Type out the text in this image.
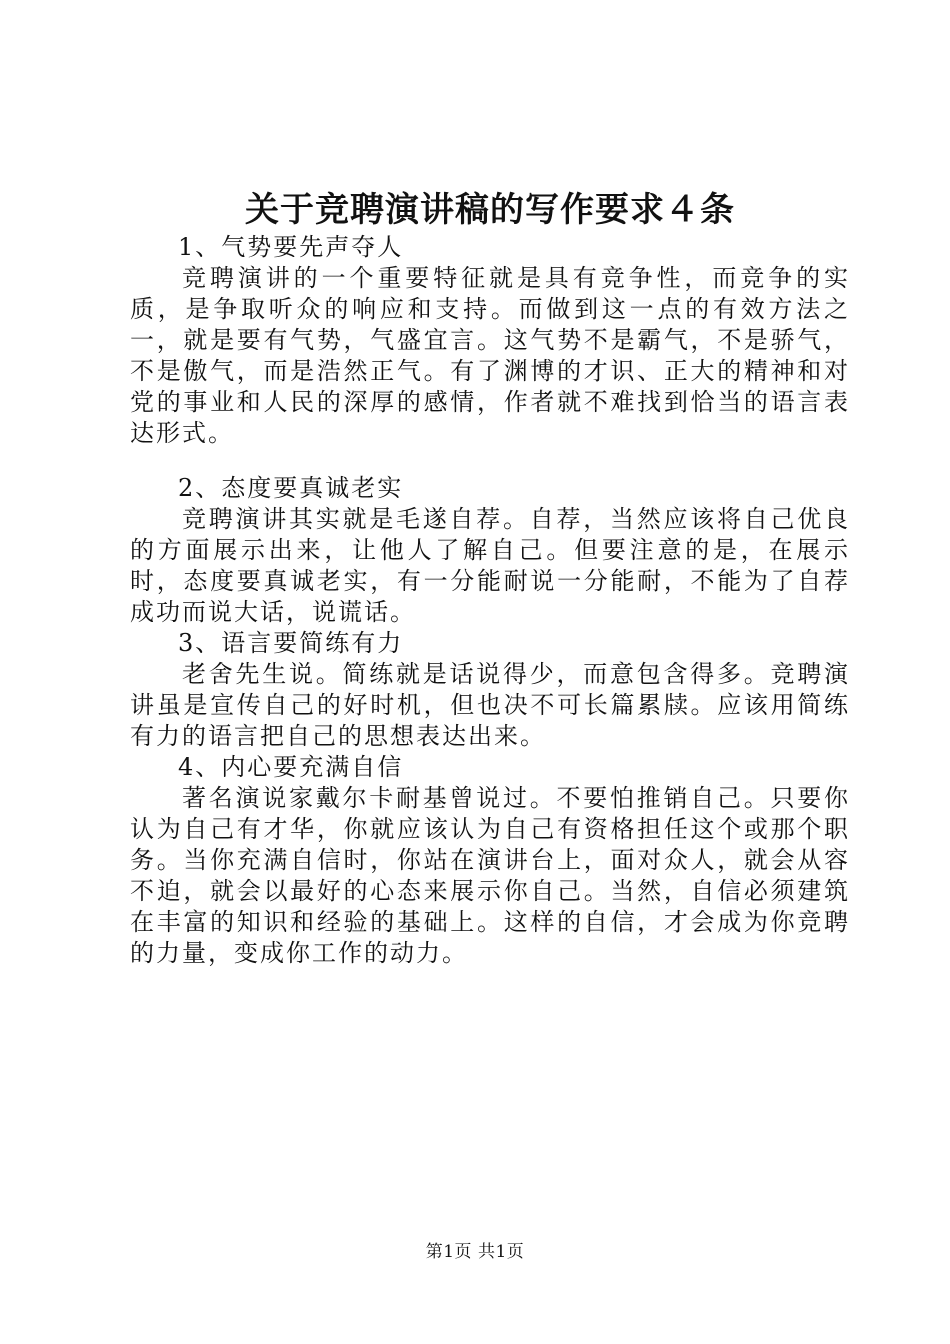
关于竞聘演讲稿的写作要求４条

1、气势要先声夺人

竞聘演讲的一个重要特征就是具有竞争性，而竞争的实质，是争取听众的响应和支持。而做到这一点的有效方法之一，就是要有气势，气盛宜言。这气势不是霸气，不是骄气，不是傲气，而是浩然正气。有了渊博的才识、正大的精神和对党的事业和人民的深厚的感情，作者就不难找到恰当的语言表达形式。

2、态度要真诚老实

竞聘演讲其实就是毛遂自荐。自荐，当然应该将自己优良的方面展示出来，让他人了解自己。但要注意的是，在展示时，态度要真诚老实，有一分能耐说一分能耐，不能为了自荐成功而说大话，说谎话。

3、语言要简练有力

老舍先生说。简练就是话说得少，而意包含得多。竞聘演讲虽是宣传自己的好时机，但也决不可长篇累牍。应该用简练有力的语言把自己的思想表达出来。

4、内心要充满自信

著名演说家戴尔卡耐基曾说过。不要怕推销自己。只要你认为自己有才华，你就应该认为自己有资格担任这个或那个职务。当你充满自信时，你站在演讲台上，面对众人，就会从容不迫，就会以最好的心态来展示你自己。当然，自信必须建筑在丰富的知识和经验的基础上。这样的自信，才会成为你竞聘的力量，变成你工作的动力。

第1页 共1页
